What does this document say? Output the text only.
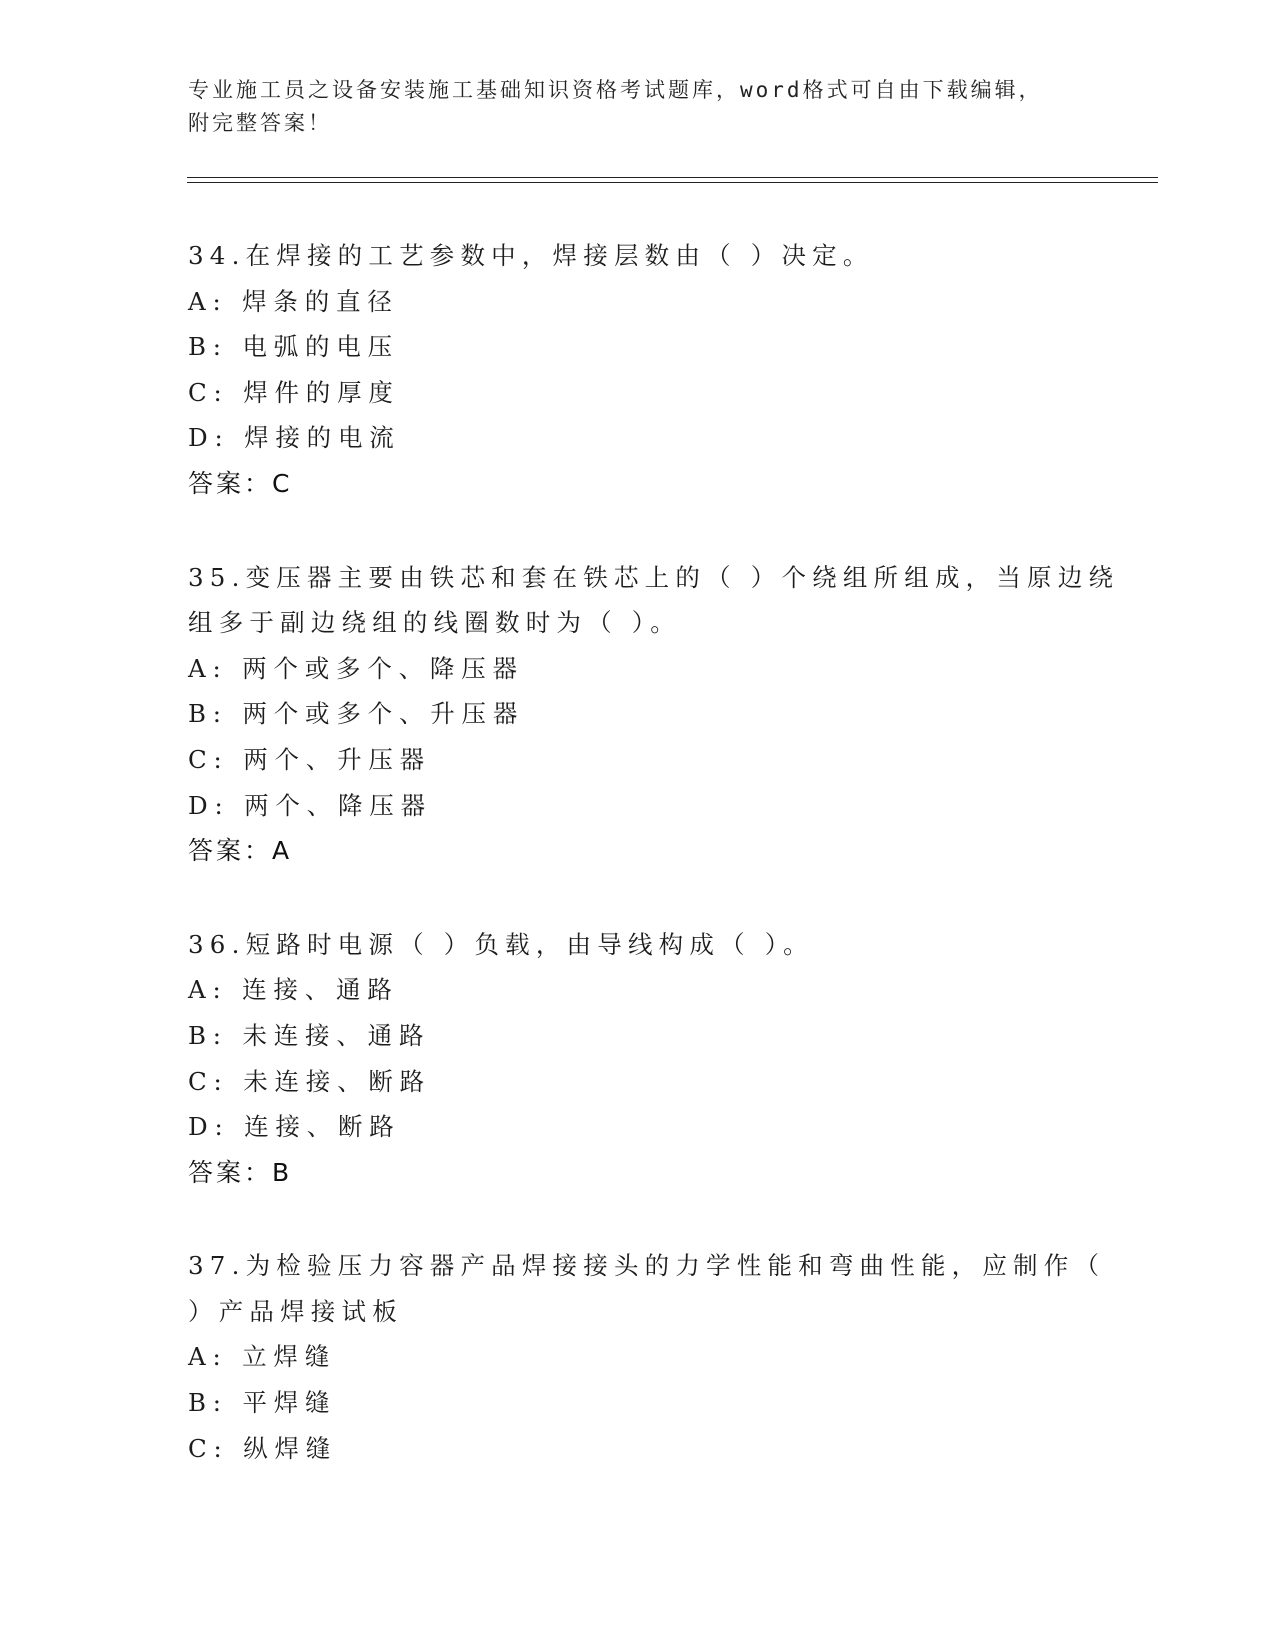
专业施工员之设备安装施工基础知识资格考试题库，word格式可自由下载编辑，
附完整答案！
34.在焊接的工艺参数中，焊接层数由（ ）决定。
A: 焊条的直径
B: 电弧的电压
C: 焊件的厚度
D: 焊接的电流
答案：C
35.变压器主要由铁芯和套在铁芯上的（ ）个绕组所组成，当原边绕
组多于副边绕组的线圈数时为（ ）。
A: 两个或多个、降压器
B: 两个或多个、升压器
C: 两个、升压器
D: 两个、降压器
答案：A
36.短路时电源（ ）负载，由导线构成（ ）。
A: 连接、通路
B: 未连接、通路
C: 未连接、断路
D: 连接、断路
答案：B
37.为检验压力容器产品焊接接头的力学性能和弯曲性能，应制作（
）产品焊接试板
A: 立焊缝
B: 平焊缝
C: 纵焊缝
